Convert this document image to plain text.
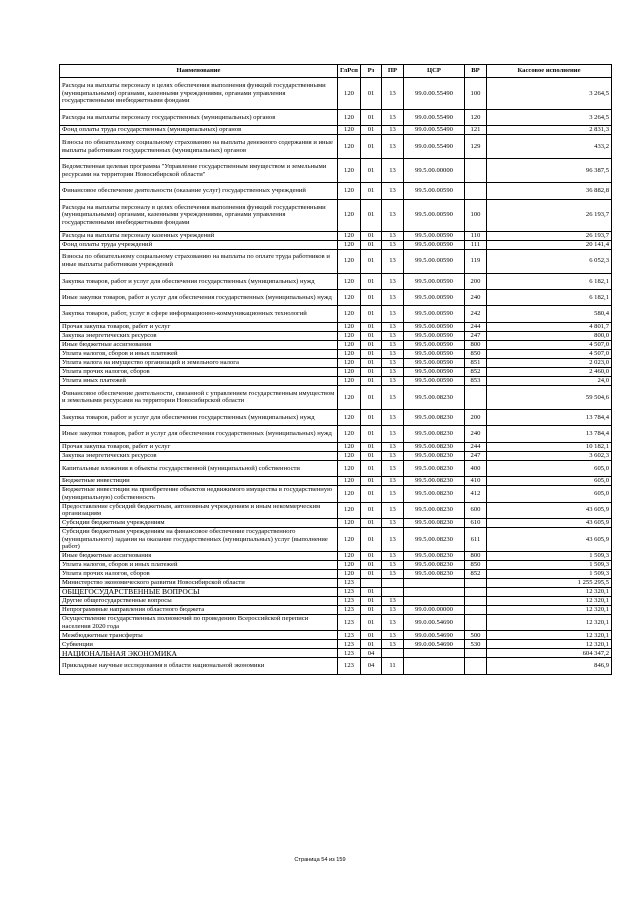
Наименование	ГлРсп	Рз	ПР	ЦСР	ВР	Кассовое исполнение
Расходы на выплаты персоналу в целях обеспечения выполнения функций государственными (муниципальными) органами, казенными учреждениями, органами управления государственными внебюджетными фондами	120	01	13	99.0.00.55490	100	3 264,5
Расходы на выплаты персоналу государственных (муниципальных) органов	120	01	13	99.0.00.55490	120	3 264,5
Фонд оплаты труда государственных (муниципальных) органов	120	01	13	99.0.00.55490	121	2 831,3
Взносы по обязательному социальному страхованию на выплаты денежного содержания и иные выплаты работникам государственных (муниципальных) органов	120	01	13	99.0.00.55490	129	433,2
Ведомственная целевая программа "Управление государственным имуществом и земельными ресурсами на территории Новосибирской области"	120	01	13	99.5.00.00000		96 387,5
Финансовое обеспечение деятельности (оказание услуг) государственных учреждений	120	01	13	99.5.00.00590		36 882,8
Расходы на выплаты персоналу в целях обеспечения выполнения функций государственными (муниципальными) органами, казенными учреждениями, органами управления государственными внебюджетными фондами	120	01	13	99.5.00.00590	100	26 193,7
Расходы на выплаты персоналу казенных учреждений	120	01	13	99.5.00.00590	110	26 193,7
Фонд оплаты труда учреждений	120	01	13	99.5.00.00590	111	20 141,4
Взносы по обязательному социальному страхованию на выплаты по оплате труда работников и иные выплаты работникам учреждений	120	01	13	99.5.00.00590	119	6 052,3
Закупка товаров, работ и услуг для обеспечения государственных (муниципальных) нужд	120	01	13	99.5.00.00590	200	6 182,1
Иные закупки товаров, работ и услуг для обеспечения государственных (муниципальных) нужд	120	01	13	99.5.00.00590	240	6 182,1
Закупка товаров, работ, услуг в сфере информационно-коммуникационных технологий	120	01	13	99.5.00.00590	242	580,4
Прочая закупка товаров, работ и услуг	120	01	13	99.5.00.00590	244	4 801,7
Закупка энергетических ресурсов	120	01	13	99.5.00.00590	247	800,0
Иные бюджетные ассигнования	120	01	13	99.5.00.00590	800	4 507,0
Уплата налогов, сборов и иных платежей	120	01	13	99.5.00.00590	850	4 507,0
Уплата налога на имущество организаций и земельного налога	120	01	13	99.5.00.00590	851	2 023,0
Уплата прочих налогов, сборов	120	01	13	99.5.00.00590	852	2 460,0
Уплата иных платежей	120	01	13	99.5.00.00590	853	24,0
Финансовое обеспечение деятельности, связанной с управлением государственным имуществом и земельными ресурсами на территории Новосибирской области	120	01	13	99.5.00.08230		59 504,6
Закупка товаров, работ и услуг для обеспечения государственных (муниципальных) нужд	120	01	13	99.5.00.08230	200	13 784,4
Иные закупки товаров, работ и услуг для обеспечения государственных (муниципальных) нужд	120	01	13	99.5.00.08230	240	13 784,4
Прочая закупка товаров, работ и услуг	120	01	13	99.5.00.08230	244	10 182,1
Закупка энергетических ресурсов	120	01	13	99.5.00.08230	247	3 602,3
Капитальные вложения в объекты государственной (муниципальной) собственности	120	01	13	99.5.00.08230	400	605,0
Бюджетные инвестиции	120	01	13	99.5.00.08230	410	605,0
Бюджетные инвестиции на приобретение объектов недвижимого имущества в государственную (муниципальную) собственность	120	01	13	99.5.00.08230	412	605,0
Предоставление субсидий бюджетным, автономным учреждениям и иным некоммерческим организациям	120	01	13	99.5.00.08230	600	43 605,9
Субсидии бюджетным учреждениям	120	01	13	99.5.00.08230	610	43 605,9
Субсидии бюджетным учреждениям на финансовое обеспечение государственного (муниципального) задания на оказание государственных (муниципальных) услуг (выполнение работ)	120	01	13	99.5.00.08230	611	43 605,9
Иные бюджетные ассигнования	120	01	13	99.5.00.08230	800	1 509,3
Уплата налогов, сборов и иных платежей	120	01	13	99.5.00.08230	850	1 509,3
Уплата прочих налогов, сборов	120	01	13	99.5.00.08230	852	1 509,3
Министерство экономического развития Новосибирской области	123					1 255 295,5
ОБЩЕГОСУДАРСТВЕННЫЕ ВОПРОСЫ	123	01				12 320,1
Другие общегосударственные вопросы	123	01	13			12 320,1
Непрограммные направления областного бюджета	123	01	13	99.0.00.00000		12 320,1
Осуществление государственных полномочий по проведению Всероссийской переписи населения 2020 года	123	01	13	99.0.00.54690		12 320,1
Межбюджетные трансферты	123	01	13	99.0.00.54690	500	12 320,1
Субвенции	123	01	13	99.0.00.54690	530	12 320,1
НАЦИОНАЛЬНАЯ ЭКОНОМИКА	123	04				604 347,2
Прикладные научные исследования в области национальной экономики	123	04	11			846,9
Страница 54 из 159
